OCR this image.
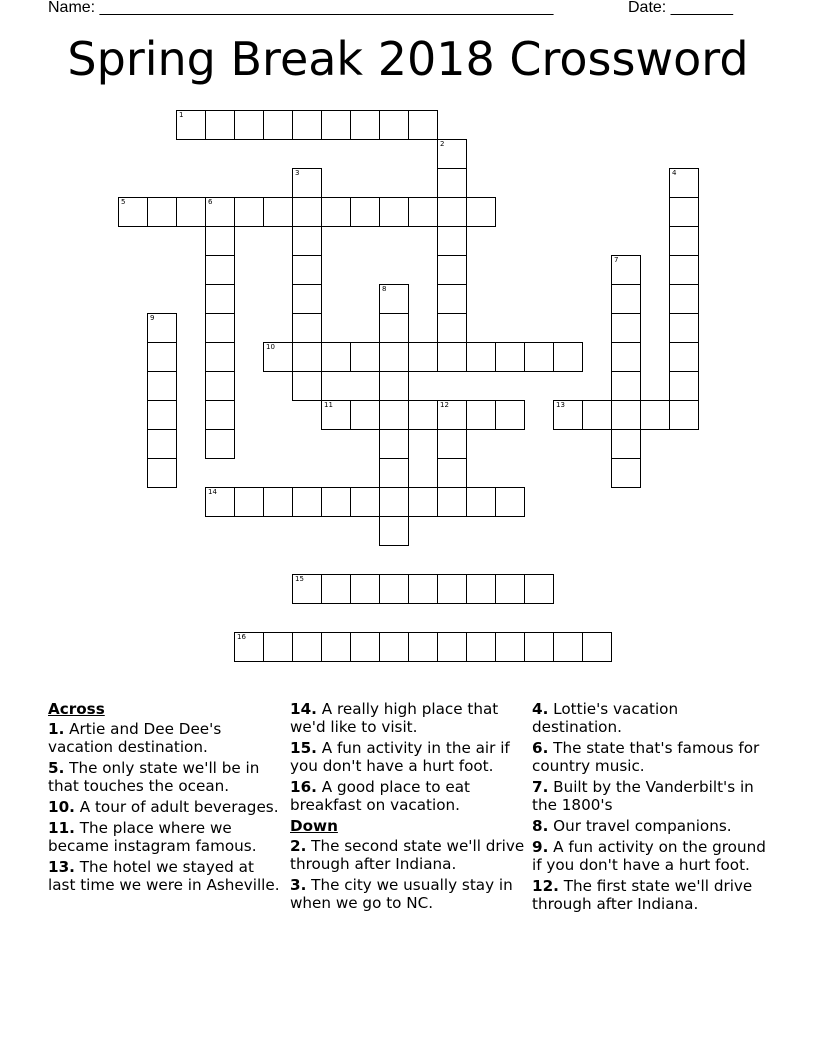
Name: ___________________________________________________	Date: _______
Spring Break 2018 Crossword
1
2
3	4
5	6
7
8
9
10
11	12	13
14
15
16
Across
1. Artie and Dee Dee's vacation destination.
5. The only state we'll be in that touches the ocean.
10. A tour of adult beverages.
11. The place where we became instagram famous.
13. The hotel we stayed at last time we were in Asheville.
14. A really high place that we'd like to visit.
15. A fun activity in the air if you don't have a hurt foot.
16. A good place to eat breakfast on vacation.
Down
2. The second state we'll drive through after Indiana.
3. The city we usually stay in when we go to NC.
4. Lottie's vacation destination.
6. The state that's famous for country music.
7. Built by the Vanderbilt's in the 1800's
8. Our travel companions.
9. A fun activity on the ground if you don't have a hurt foot.
12. The first state we'll drive through after Indiana.
